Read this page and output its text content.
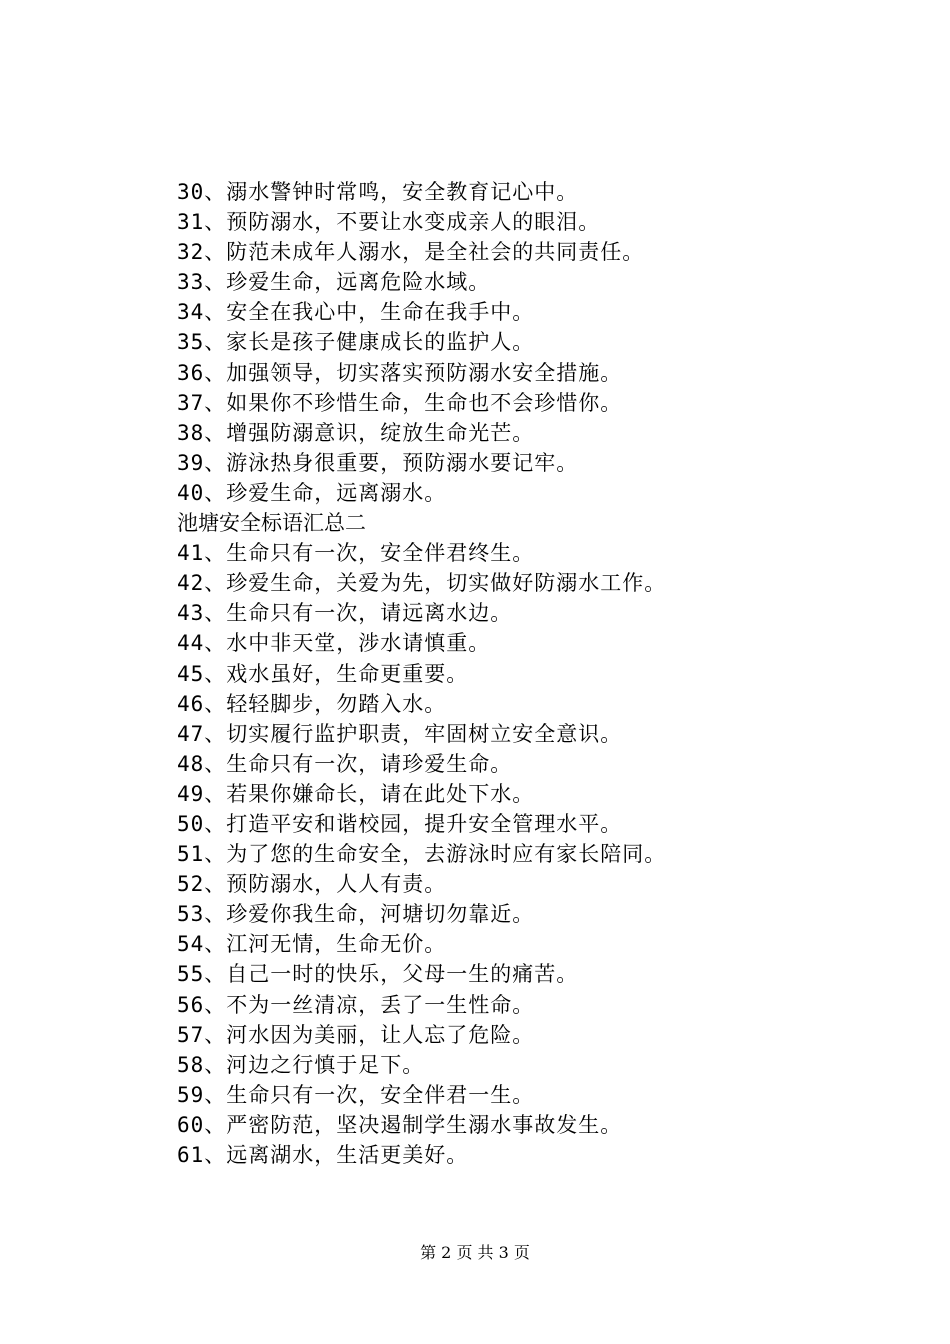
30、溺水警钟时常鸣，安全教育记心中。
31、预防溺水，不要让水变成亲人的眼泪。
32、防范未成年人溺水，是全社会的共同责任。
33、珍爱生命，远离危险水域。
34、安全在我心中，生命在我手中。
35、家长是孩子健康成长的监护人。
36、加强领导，切实落实预防溺水安全措施。
37、如果你不珍惜生命，生命也不会珍惜你。
38、增强防溺意识，绽放生命光芒。
39、游泳热身很重要，预防溺水要记牢。
40、珍爱生命，远离溺水。
池塘安全标语汇总二
41、生命只有一次，安全伴君终生。
42、珍爱生命，关爱为先，切实做好防溺水工作。
43、生命只有一次，请远离水边。
44、水中非天堂，涉水请慎重。
45、戏水虽好，生命更重要。
46、轻轻脚步，勿踏入水。
47、切实履行监护职责，牢固树立安全意识。
48、生命只有一次，请珍爱生命。
49、若果你嫌命长，请在此处下水。
50、打造平安和谐校园，提升安全管理水平。
51、为了您的生命安全，去游泳时应有家长陪同。
52、预防溺水，人人有责。
53、珍爱你我生命，河塘切勿靠近。
54、江河无情，生命无价。
55、自己一时的快乐，父母一生的痛苦。
56、不为一丝清凉，丢了一生性命。
57、河水因为美丽，让人忘了危险。
58、河边之行慎于足下。
59、生命只有一次，安全伴君一生。
60、严密防范，坚决遏制学生溺水事故发生。
61、远离湖水，生活更美好。
第 2 页 共 3 页
